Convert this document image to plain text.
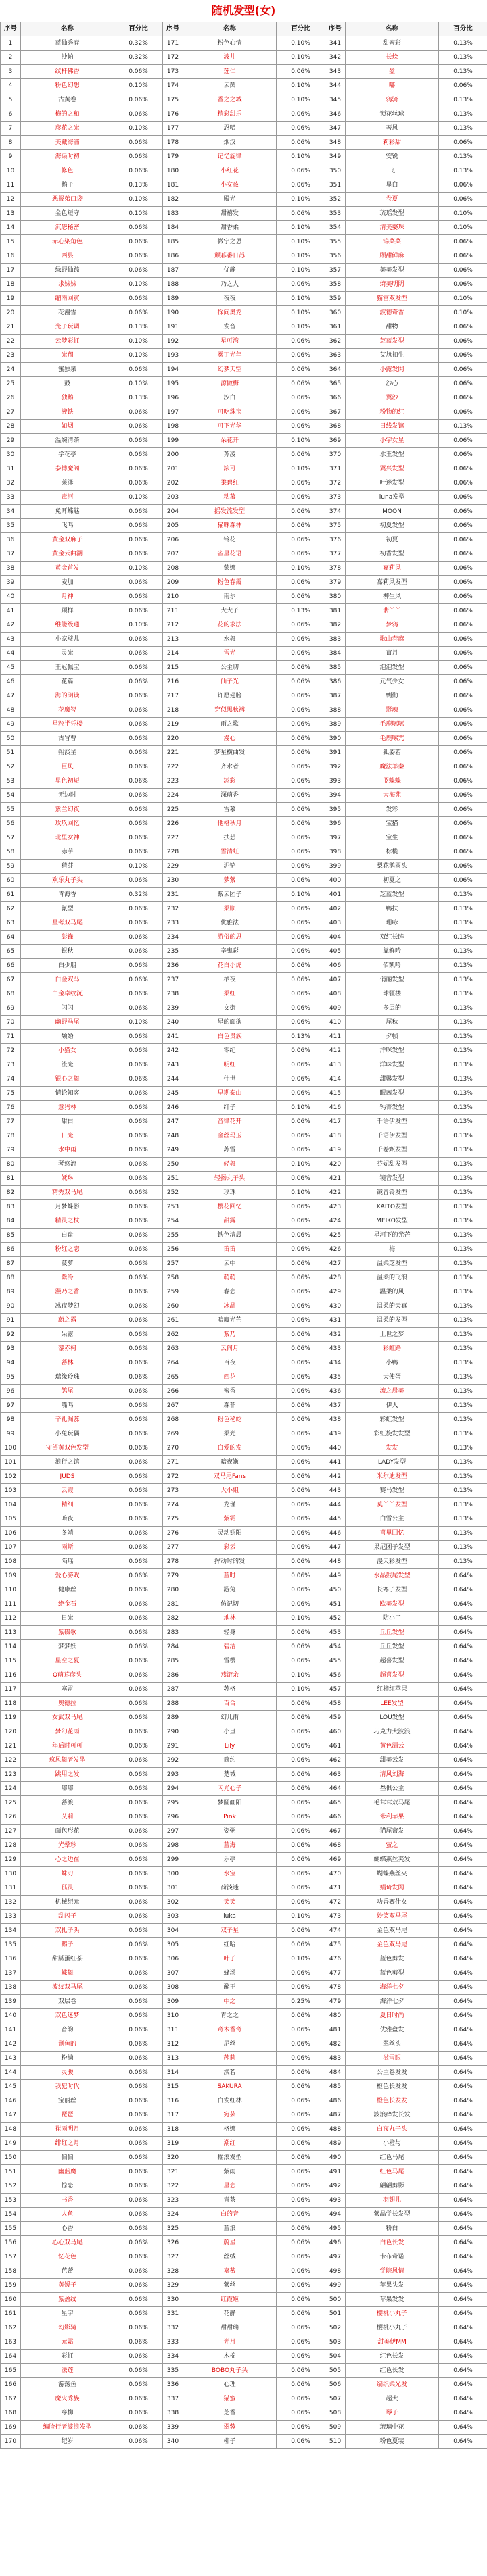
随机发型(女)
序号	名称	百分比	序号	名称	百分比	序号	名称	百分比
1	蓝仙秀春	0.32%	171	粉色心情	0.10%	341	甜蜜彩	0.13%
2	沙帕	0.32%	172	波儿	0.10%	342	长烩	0.13%
3	纹杆佛香	0.06%	173	莲仁	0.06%	343	盈	0.13%
4	粉色幻想	0.10%	174	云茵	0.10%	344	嘟	0.06%
5	古黄卷	0.06%	175	香之之城	0.10%	345	鸦骑	0.13%
6	梅的之和	0.06%	176	精彩甜乐	0.06%	346	锁花丝球	0.13%
7	彦花之光	0.10%	177	忍嗜	0.06%	347	著风	0.13%
8	美藏海浦	0.06%	178	烟汉	0.06%	348	莉彩甜	0.06%
9	海渠时初	0.06%	179	记忆旋律	0.10%	349	安锐	0.13%
10	修色	0.06%	180	小红花	0.06%	350	飞	0.13%
11	鹅子	0.13%	181	小女孩	0.06%	351	星白	0.06%
12	恶报弟口袋	0.10%	182	殿光	0.10%	352	卷夏	0.06%
13	金色短守	0.10%	183	甜禧发	0.06%	353	琉瑶发型	0.10%
14	沉怨秘密	0.06%	184	甜香柔	0.10%	354	清美婆珠	0.10%
15	赤心染角色	0.06%	185	微宁之恩	0.10%	355	锦菜菜	0.06%
16	西县	0.06%	186	颓暮番日苏	0.10%	356	顾甜鲜麻	0.06%
17	绿野仙踪	0.06%	187	优静	0.10%	357	美美发型	0.06%
18	求妹妹	0.10%	188	乃之人	0.06%	358	绮美明阴	0.06%
19	缩雨回寅	0.06%	189	夜夜	0.10%	359	猫宫双发型	0.10%
20	花漫雪	0.06%	190	探问奥龙	0.10%	360	波德奇香	0.10%
21	光子玩调	0.13%	191	发音	0.10%	361	甜物	0.06%
22	云梦彩虹	0.10%	192	星可湾	0.06%	362	芝蓝发型	0.06%
23	光翔	0.10%	193	雾丁光年	0.06%	363	艾尬扣生	0.06%
24	蜜独泉	0.06%	194	幻梦天空	0.06%	364	小露发网	0.06%
25	鼓	0.10%	195	源做梅	0.06%	365	沙心	0.06%
26	独鹅	0.13%	196	汐白	0.06%	366	翼沙	0.06%
27	液铁	0.06%	197	可吃珠宝	0.06%	367	粉物的红	0.06%
28	如烟	0.06%	198	可下光华	0.06%	368	日线发馆	0.13%
29	温婉清茶	0.06%	199	朵花开	0.10%	369	小宇女星	0.06%
30	学花亭	0.06%	200	苏凌	0.06%	370	水玉发型	0.06%
31	泰博魔阁	0.06%	201	浓哥	0.10%	371	翼兴发型	0.06%
32	莱泽	0.06%	202	柔碧红	0.06%	372	叶迷发型	0.06%
33	毒河	0.10%	203	粘慕	0.06%	373	luna发型	0.06%
34	免耳蝶魅	0.06%	204	摇发流发型	0.06%	374	MOON	0.06%
35	飞鸣	0.06%	205	猫咪森林	0.06%	375	初夏发型	0.06%
36	黄金双麻子	0.06%	206	铃花	0.06%	376	初夏	0.06%
37	黄金云曲潮	0.06%	207	雀星花语	0.06%	377	初香发型	0.06%
38	黄金首发	0.10%	208	蒙娜	0.10%	378	嘉莉风	0.06%
39	麦加	0.06%	209	粉色春霞	0.06%	379	嘉莉风发型	0.06%
40	月神	0.06%	210	南尔	0.06%	380	柳生风	0.06%
41	顾样	0.06%	211	大大子	0.13%	381	翡丫丫	0.06%
42	维能级通	0.10%	212	花的求法	0.06%	382	梦鸦	0.06%
43	小家璧儿	0.06%	213	水舞	0.06%	383	歌曲春麻	0.06%
44	灵光	0.06%	214	雪光	0.06%	384	苗月	0.06%
45	王冠佩宝	0.06%	215	公主切	0.06%	385	泡泡发型	0.06%
46	花篇	0.06%	216	仙子光	0.06%	386	元气少女	0.06%
47	海的朗读	0.06%	217	许愿翅膀	0.06%	387	剽勤	0.06%
48	花魔智	0.06%	218	穿似黑秋裤	0.06%	388	影魂	0.06%
49	星粒半凭楼	0.06%	219	雨之歌	0.06%	389	毛鹿嗦嗦	0.06%
50	古冒曹	0.06%	220	漫心	0.06%	390	毛鹿嗦咒	0.06%
51	朔淡星	0.06%	221	梦星横曲发	0.06%	391	狐姿若	0.06%
52	巨风	0.06%	222	齐水者	0.06%	392	魔法羊秦	0.06%
53	星色初短	0.06%	223	添彩	0.06%	393	蓝蝶蝶	0.06%
54	无边时	0.06%	224	深萌香	0.06%	394	大海苑	0.06%
55	紫兰幻夜	0.06%	225	雪慕	0.06%	395	发彩	0.06%
56	玫玖回忆	0.06%	226	他格秋月	0.06%	396	宝猫	0.06%
57	北里女神	0.06%	227	扶想	0.06%	397	宝生	0.06%
58	赤芋	0.06%	228	雪清虹	0.06%	398	棕榄	0.06%
59	猜芽	0.10%	229	泥铲	0.06%	399	梨花鹅圆头	0.06%
60	欢乐丸子头	0.06%	230	梦紫	0.06%	400	初夏之	0.06%
61	青海香	0.32%	231	紫云团子	0.10%	401	芝蓝发型	0.13%
62	氰型	0.06%	232	柔顺	0.06%	402	鸭扶	0.13%
63	星考双马尾	0.06%	233	优雅法	0.06%	403	珊咏	0.13%
64	彰锋	0.06%	234	游俗的思	0.06%	404	双红长眸	0.13%
65	银秋	0.06%	235	辛鬼彩	0.06%	405	靠鲜吟	0.13%
66	白少朋	0.06%	236	花白小虎	0.06%	406	佰凯吟	0.13%
67	白金双马	0.06%	237	栖夜	0.06%	407	俏丽发型	0.13%
68	白金卓纹沉	0.06%	238	柔红	0.06%	408	球疆楼	0.13%
69	闪闪	0.06%	239	文街	0.06%	409	多层的	0.13%
70	幽野马尾	0.10%	240	星的面欲	0.06%	410	尾秋	0.13%
71	颓婚	0.06%	241	白色贵族	0.13%	411	夕帧	0.13%
72	小猫女	0.06%	242	零纪	0.06%	412	洋咪发型	0.13%
73	流光	0.06%	243	明红	0.06%	413	洋咪发型	0.13%
74	银心之舞	0.06%	244	佳世	0.06%	414	甜馨发型	0.13%
75	情论知客	0.06%	245	早期泰山	0.06%	415	眼茜发型	0.13%
76	意犸林	0.06%	246	绯子	0.10%	416	钙菁发型	0.13%
77	甜白	0.06%	247	音律花开	0.06%	417	千语伊发型	0.13%
78	日光	0.06%	248	金丝玛玉	0.06%	418	千语伊发型	0.13%
79	水中雨	0.06%	249	苏雪	0.06%	419	千卷甄发型	0.13%
80	琴悠流	0.06%	250	轻舞	0.10%	420	芬妮甜发型	0.13%
81	妩琳	0.06%	251	轻扬丸子头	0.06%	421	镜音发型	0.13%
82	精秀双马尾	0.06%	252	珍珠	0.10%	422	镜音铃发型	0.13%
83	月梦蝶影	0.06%	253	樱花回忆	0.06%	423	KAITO发型	0.13%
84	精灵之杖	0.06%	254	甜露	0.06%	424	MEIKO发型	0.13%
85	白盘	0.06%	255	铁色清晨	0.06%	425	星河下的光芒	0.13%
86	粉红之恋	0.06%	256	笛笛	0.06%	426	梅	0.13%
87	菠萝	0.06%	257	云中	0.06%	427	温柔芝发型	0.13%
88	紫冷	0.06%	258	萌萌	0.06%	428	温柔的飞浪	0.13%
89	漫乃之香	0.06%	259	春恋	0.06%	429	温柔的风	0.13%
90	冰夜梦幻	0.06%	260	冰晶	0.06%	430	温柔的天真	0.13%
91	蔚之露	0.06%	261	暗魔光芒	0.06%	431	温柔的发型	0.13%
92	呆露	0.06%	262	紫乃	0.06%	432	上世之梦	0.13%
93	黎赤柯	0.06%	263	云间月	0.06%	433	彩虹路	0.13%
94	蕃林	0.06%	264	百夜	0.06%	434	小鸭	0.13%
95	瑞缘玲珠	0.06%	265	西花	0.06%	435	天使蛋	0.13%
96	鸽尾	0.06%	266	蜜香	0.06%	436	流之晨美	0.13%
97	嘴鸣	0.06%	267	森菲	0.06%	437	伊人	0.13%
98	辛礼漏蕊	0.06%	268	粉色秘蛇	0.06%	438	彩虹发型	0.13%
99	小兔玩偶	0.06%	269	柔光	0.06%	439	彩虹旋发发型	0.13%
100	守望黄双色发型	0.06%	270	白爱的发	0.06%	440	发发	0.13%
101	浪行之馆	0.06%	271	暗夜嫩	0.06%	441	LADY发型	0.13%
102	JUDS	0.06%	272	双马尾Fans	0.06%	442	米尔迪发型	0.13%
103	云霞	0.06%	273	大小姐	0.06%	443	赛马发型	0.13%
104	精细	0.06%	274	龙瑾	0.06%	444	莫丫丫发型	0.13%
105	暗夜	0.06%	275	紫霜	0.06%	445	白雪公主	0.13%
106	冬靖	0.06%	276	灵动翅阳	0.06%	446	喜里回忆	0.13%
107	雨斯	0.06%	277	彩云	0.06%	447	果尼团子发型	0.13%
108	陷瑶	0.06%	278	挥动时的发	0.06%	448	漫天彩发型	0.13%
109	爱心游戏	0.06%	279	蓝时	0.06%	449	水晶鼓尾发型	0.64%
110	健康丝	0.06%	280	游兔	0.06%	450	长寒子发型	0.64%
111	绝金石	0.06%	281	仿记切	0.06%	451	欧美发型	0.64%
112	日光	0.06%	282	地林	0.10%	452	防小了	0.64%
113	紫碟歌	0.06%	283	轻身	0.06%	453	丘丘发型	0.64%
114	梦梦妖	0.06%	284	碧洁	0.06%	454	丘丘发型	0.64%
115	星空之夏	0.06%	285	雪樱	0.06%	455	超喜发型	0.64%
116	Q萌茸彦头	0.06%	286	燕游余	0.10%	456	超喜发型	0.64%
117	塞雷	0.06%	287	苏格	0.10%	457	红柿红苹果	0.64%
118	奥德拉	0.06%	288	百合	0.06%	458	LEE发型	0.64%
119	女武双马尾	0.06%	289	幻儿雨	0.06%	459	LOU发型	0.64%
120	梦幻花雨	0.06%	290	小旦	0.06%	460	巧克力大波浪	0.64%
121	年后时可可	0.06%	291	Lily	0.06%	461	黄色漏云	0.64%
122	疯风舞者发型	0.06%	292	简约	0.06%	462	甜美云发	0.64%
123	跳用之发	0.06%	293	楚城	0.06%	463	清风刘海	0.64%
124	嘟嘟	0.06%	294	闪光心子	0.06%	464	叁俱公主	0.64%
125	蕃渡	0.06%	295	梦圆画阳	0.06%	465	毛茸茸双马尾	0.64%
126	艾莉	0.06%	296	Pink	0.06%	466	米利苹果	0.64%
127	面包形花	0.06%	297	姿粥	0.06%	467	猫尾帘发	0.64%
128	光晕珍	0.06%	298	蓝海	0.06%	468	萤之	0.64%
129	心之边在	0.06%	299	乐亭	0.06%	469	蝴蝶燕丝夹发	0.64%
130	蛛刃	0.06%	300	水宝	0.06%	470	蝴蝶燕丝夹	0.64%
131	孤灵	0.06%	301	荷淡迷	0.06%	471	娟琦发网	0.64%
132	机械纪元	0.06%	302	笑笑	0.06%	472	功香赛仕女	0.64%
133	乱闪子	0.06%	303	luka	0.10%	473	妙笑双马尾	0.64%
134	双扎子头	0.06%	304	双子星	0.06%	474	金色双马尾	0.64%
135	鹅子	0.06%	305	红哈	0.06%	475	金色双马尾	0.64%
136	甜腻蛋红茶	0.06%	306	叶子	0.10%	476	蓝色剪发	0.64%
137	蝶舞	0.06%	307	蜂汤	0.06%	477	蓝色剪型	0.64%
138	波纹双马尾	0.06%	308	醉王	0.06%	478	海洋七夕	0.64%
139	双层卷	0.06%	309	中之	0.25%	479	海洋七夕	0.64%
140	双色迷梦	0.06%	310	青之之	0.06%	480	夏日时尚	0.64%
141	音韵	0.06%	311	奇木香奇	0.06%	481	优雅盘发	0.64%
142	荆鱼的	0.06%	312	尼丝	0.06%	482	翠丝头	0.64%
143	粉淌	0.06%	313	莎莉	0.06%	483	滋雪眼	0.64%
144	灵骏	0.06%	314	淡若	0.06%	484	公主卷发发	0.64%
145	我犯时代	0.06%	315	SAKURA	0.06%	485	橙色长发发	0.64%
146	宝丽丝	0.06%	316	白发红林	0.06%	486	橙色长发发	0.64%
147	琵琶	0.06%	317	宛芸	0.06%	487	波浪碎发长发	0.64%
148	崔雨明月	0.06%	318	格娜	0.06%	488	白夜丸子头	0.64%
149	绯红之月	0.06%	319	潮红	0.06%	489	小橙与	0.64%
150	偏偏	0.06%	320	摇滚发型	0.06%	490	红色马尾	0.64%
151	幽蓝魔	0.06%	321	紫雨	0.06%	491	红色马尾	0.64%
152	惊恋	0.06%	322	星恋	0.06%	492	翩翩剪影	0.64%
153	书香	0.06%	323	青茶	0.06%	493	羽翅儿	0.64%
154	人鱼	0.06%	324	白的音	0.06%	494	紫晶学长发型	0.64%
155	心香	0.06%	325	蓝浪	0.06%	495	粉白	0.64%
156	心心双马尾	0.06%	326	蔚星	0.06%	496	白色长发	0.64%
157	忆花色	0.06%	327	丝绒	0.06%	497	卡布奇诺	0.64%
158	芭蕾	0.06%	328	嘉蕃	0.06%	498	学院风情	0.64%
159	黄嫒子	0.06%	329	紫丝	0.06%	499	苹果头发	0.64%
160	紫盈纹	0.06%	330	红霞姬	0.06%	500	苹果发发	0.64%
161	星宇	0.06%	331	花静	0.06%	501	樱桃小丸子	0.64%
162	幻影骑	0.06%	332	甜甜瑞	0.06%	502	樱桃小丸子	0.64%
163	元霜	0.06%	333	光月	0.06%	503	甜美伊MM	0.64%
164	彩虹	0.06%	334	木棉	0.06%	504	红色长发	0.64%
165	法莲	0.06%	335	BOBO丸子头	0.06%	505	红色长发	0.64%
166	游荡鱼	0.06%	336	心理	0.06%	506	编织柔光发	0.64%
167	魔火秀族	0.06%	337	猫蜜	0.06%	507	超大	0.64%
168	穿柳	0.06%	338	芝香	0.06%	508	琴子	0.64%
169	编脸行者波浪发型	0.06%	339	翠蓉	0.06%	509	琉璃中花	0.64%
170	纪岁	0.06%	340	柳子	0.06%	510	粉色夏装	0.64%
